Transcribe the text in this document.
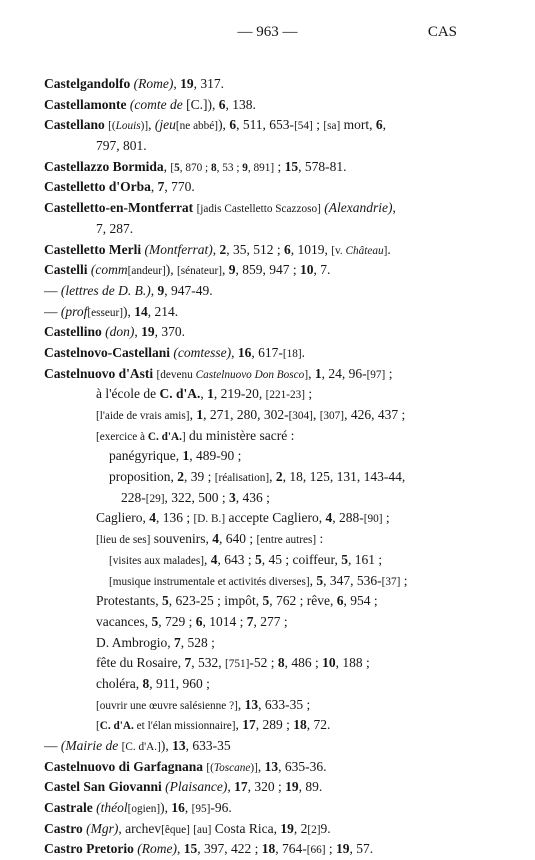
— 963 —	CAS
Castelgandolfo (Rome), 19, 317.
Castellamonte (comte de [C.]), 6, 138.
Castellano [(Louis)], (jeu[ne abbé]), 6, 511, 653-[54] ; [sa] mort, 6,
797, 801.
Castellazzo Bormida, [5, 870 ; 8, 53 ; 9, 891] ; 15, 578-81.
Castelletto d'Orba, 7, 770.
Castelletto-en-Montferrat [jadis Castelletto Scazzoso] (Alexandrie),
7, 287.
Castelletto Merli (Montferrat), 2, 35, 512 ; 6, 1019, [v. Château].
Castelli (comm[andeur]), [sénateur], 9, 859, 947 ; 10, 7.
— (lettres de D. B.), 9, 947-49.
— (prof[esseur]), 14, 214.
Castellino (don), 19, 370.
Castelnovo-Castellani (comtesse), 16, 617-[18].
Castelnuovo d'Asti [devenu Castelnuovo Don Bosco], 1, 24, 96-[97] ;
à l'école de C. d'A., 1, 219-20, [221-23] ;
[l'aide de vrais amis], 1, 271, 280, 302-[304], [307], 426, 437 ;
[exercice à C. d'A.] du ministère sacré :
panégyrique, 1, 489-90 ;
proposition, 2, 39 ; [réalisation], 2, 18, 125, 131, 143-44,
228-[29], 322, 500 ; 3, 436 ;
Cagliero, 4, 136 ; [D. B.] accepte Cagliero, 4, 288-[90] ;
[lieu de ses] souvenirs, 4, 640 ; [entre autres] :
[visites aux malades], 4, 643 ; 5, 45 ; coiffeur, 5, 161 ;
[musique instrumentale et activités diverses], 5, 347, 536-[37] ;
Protestants, 5, 623-25 ; impôt, 5, 762 ; rêve, 6, 954 ;
vacances, 5, 729 ; 6, 1014 ; 7, 277 ;
D. Ambrogio, 7, 528 ;
fête du Rosaire, 7, 532, [751]-52 ; 8, 486 ; 10, 188 ;
choléra, 8, 911, 960 ;
[ouvrir une œuvre salésienne ?], 13, 633-35 ;
[C. d'A. et l'élan missionnaire], 17, 289 ; 18, 72.
— (Mairie de [C. d'A.]), 13, 633-35
Castelnuovo di Garfagnana [(Toscane)], 13, 635-36.
Castel San Giovanni (Plaisance), 17, 320 ; 19, 89.
Castrale (théol[ogien]), 16, [95]-96.
Castro (Mgr), archev[êque] [au] Costa Rica, 19, 2[2]9.
Castro Pretorio (Rome), 15, 397, 422 ; 18, 764-[66] ; 19, 57.
